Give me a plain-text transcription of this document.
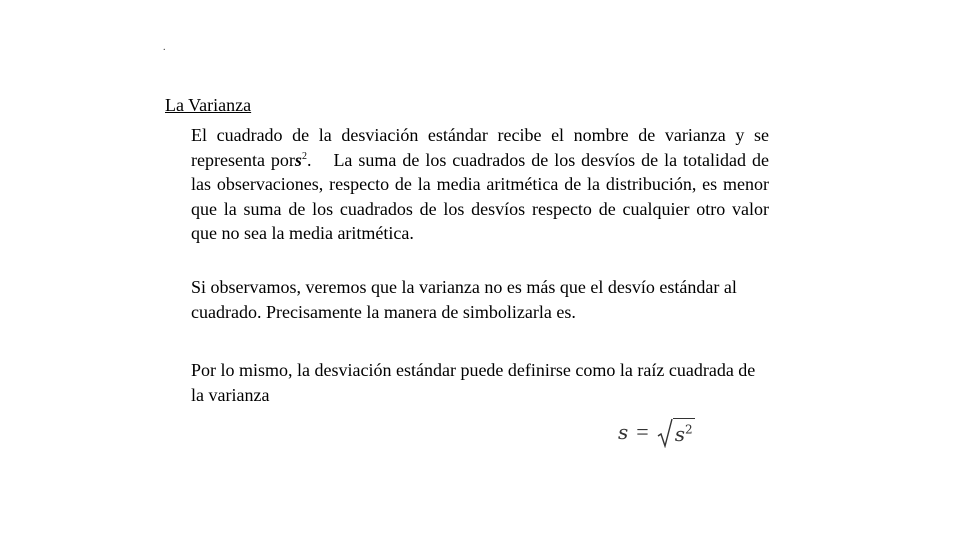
.
La Varianza

El cuadrado de la desviación estándar recibe el nombre de varianza y se representa pors$^2$. La suma de los cuadrados de los desvíos de la totalidad de las observaciones, respecto de la media aritmética de la distribución, es menor que la suma de los cuadrados de los desvíos respecto de cualquier otro valor que no sea la media aritmética.

Si observamos, veremos que la varianza no es más que el desvío estándar al cuadrado. Precisamente la manera de simbolizarla es.

Por lo mismo, la desviación estándar puede definirse como la raíz cuadrada de la varianza

$s = s^2$
